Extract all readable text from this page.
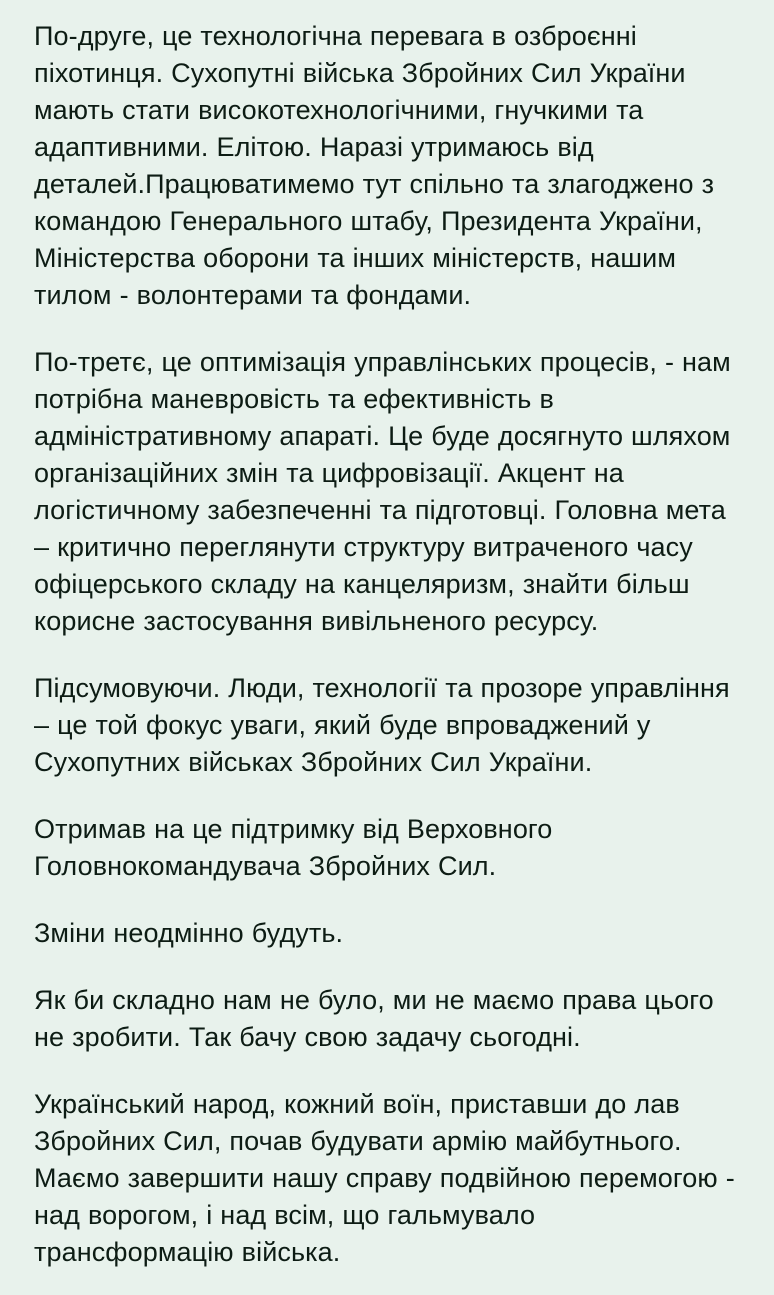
По-друге, це технологічна перевага в озброєнні піхотинця. Сухопутні війська Збройних Сил України мають стати високотехнологічними, гнучкими та адаптивними. Елітою. Наразі утримаюсь від деталей.Працюватимемо тут спільно та злагоджено з командою Генерального штабу, Президента України, Міністерства оборони та інших міністерств, нашим тилом - волонтерами та фондами.

По-третє, це оптимізація управлінських процесів, - нам потрібна маневровість та ефективність в адміністративному апараті. Це буде досягнуто шляхом організаційних змін та цифровізації. Акцент на логістичному забезпеченні та підготовці. Головна мета – критично переглянути структуру витраченого часу офіцерського складу на канцеляризм, знайти більш корисне застосування вивільненого ресурсу.

Підсумовуючи. Люди, технології та прозоре управління – це той фокус уваги, який буде впроваджений у Сухопутних військах Збройних Сил України.

Отримав на це підтримку від Верховного Головнокомандувача Збройних Сил.

Зміни неодмінно будуть.

Як би складно нам не було, ми не маємо права цього не зробити. Так бачу свою задачу сьогодні.

Український народ, кожний воїн, приставши до лав Збройних Сил, почав будувати армію майбутнього. Маємо завершити нашу справу подвійною перемогою - над ворогом, і над всім, що гальмувало трансформацію війська.
